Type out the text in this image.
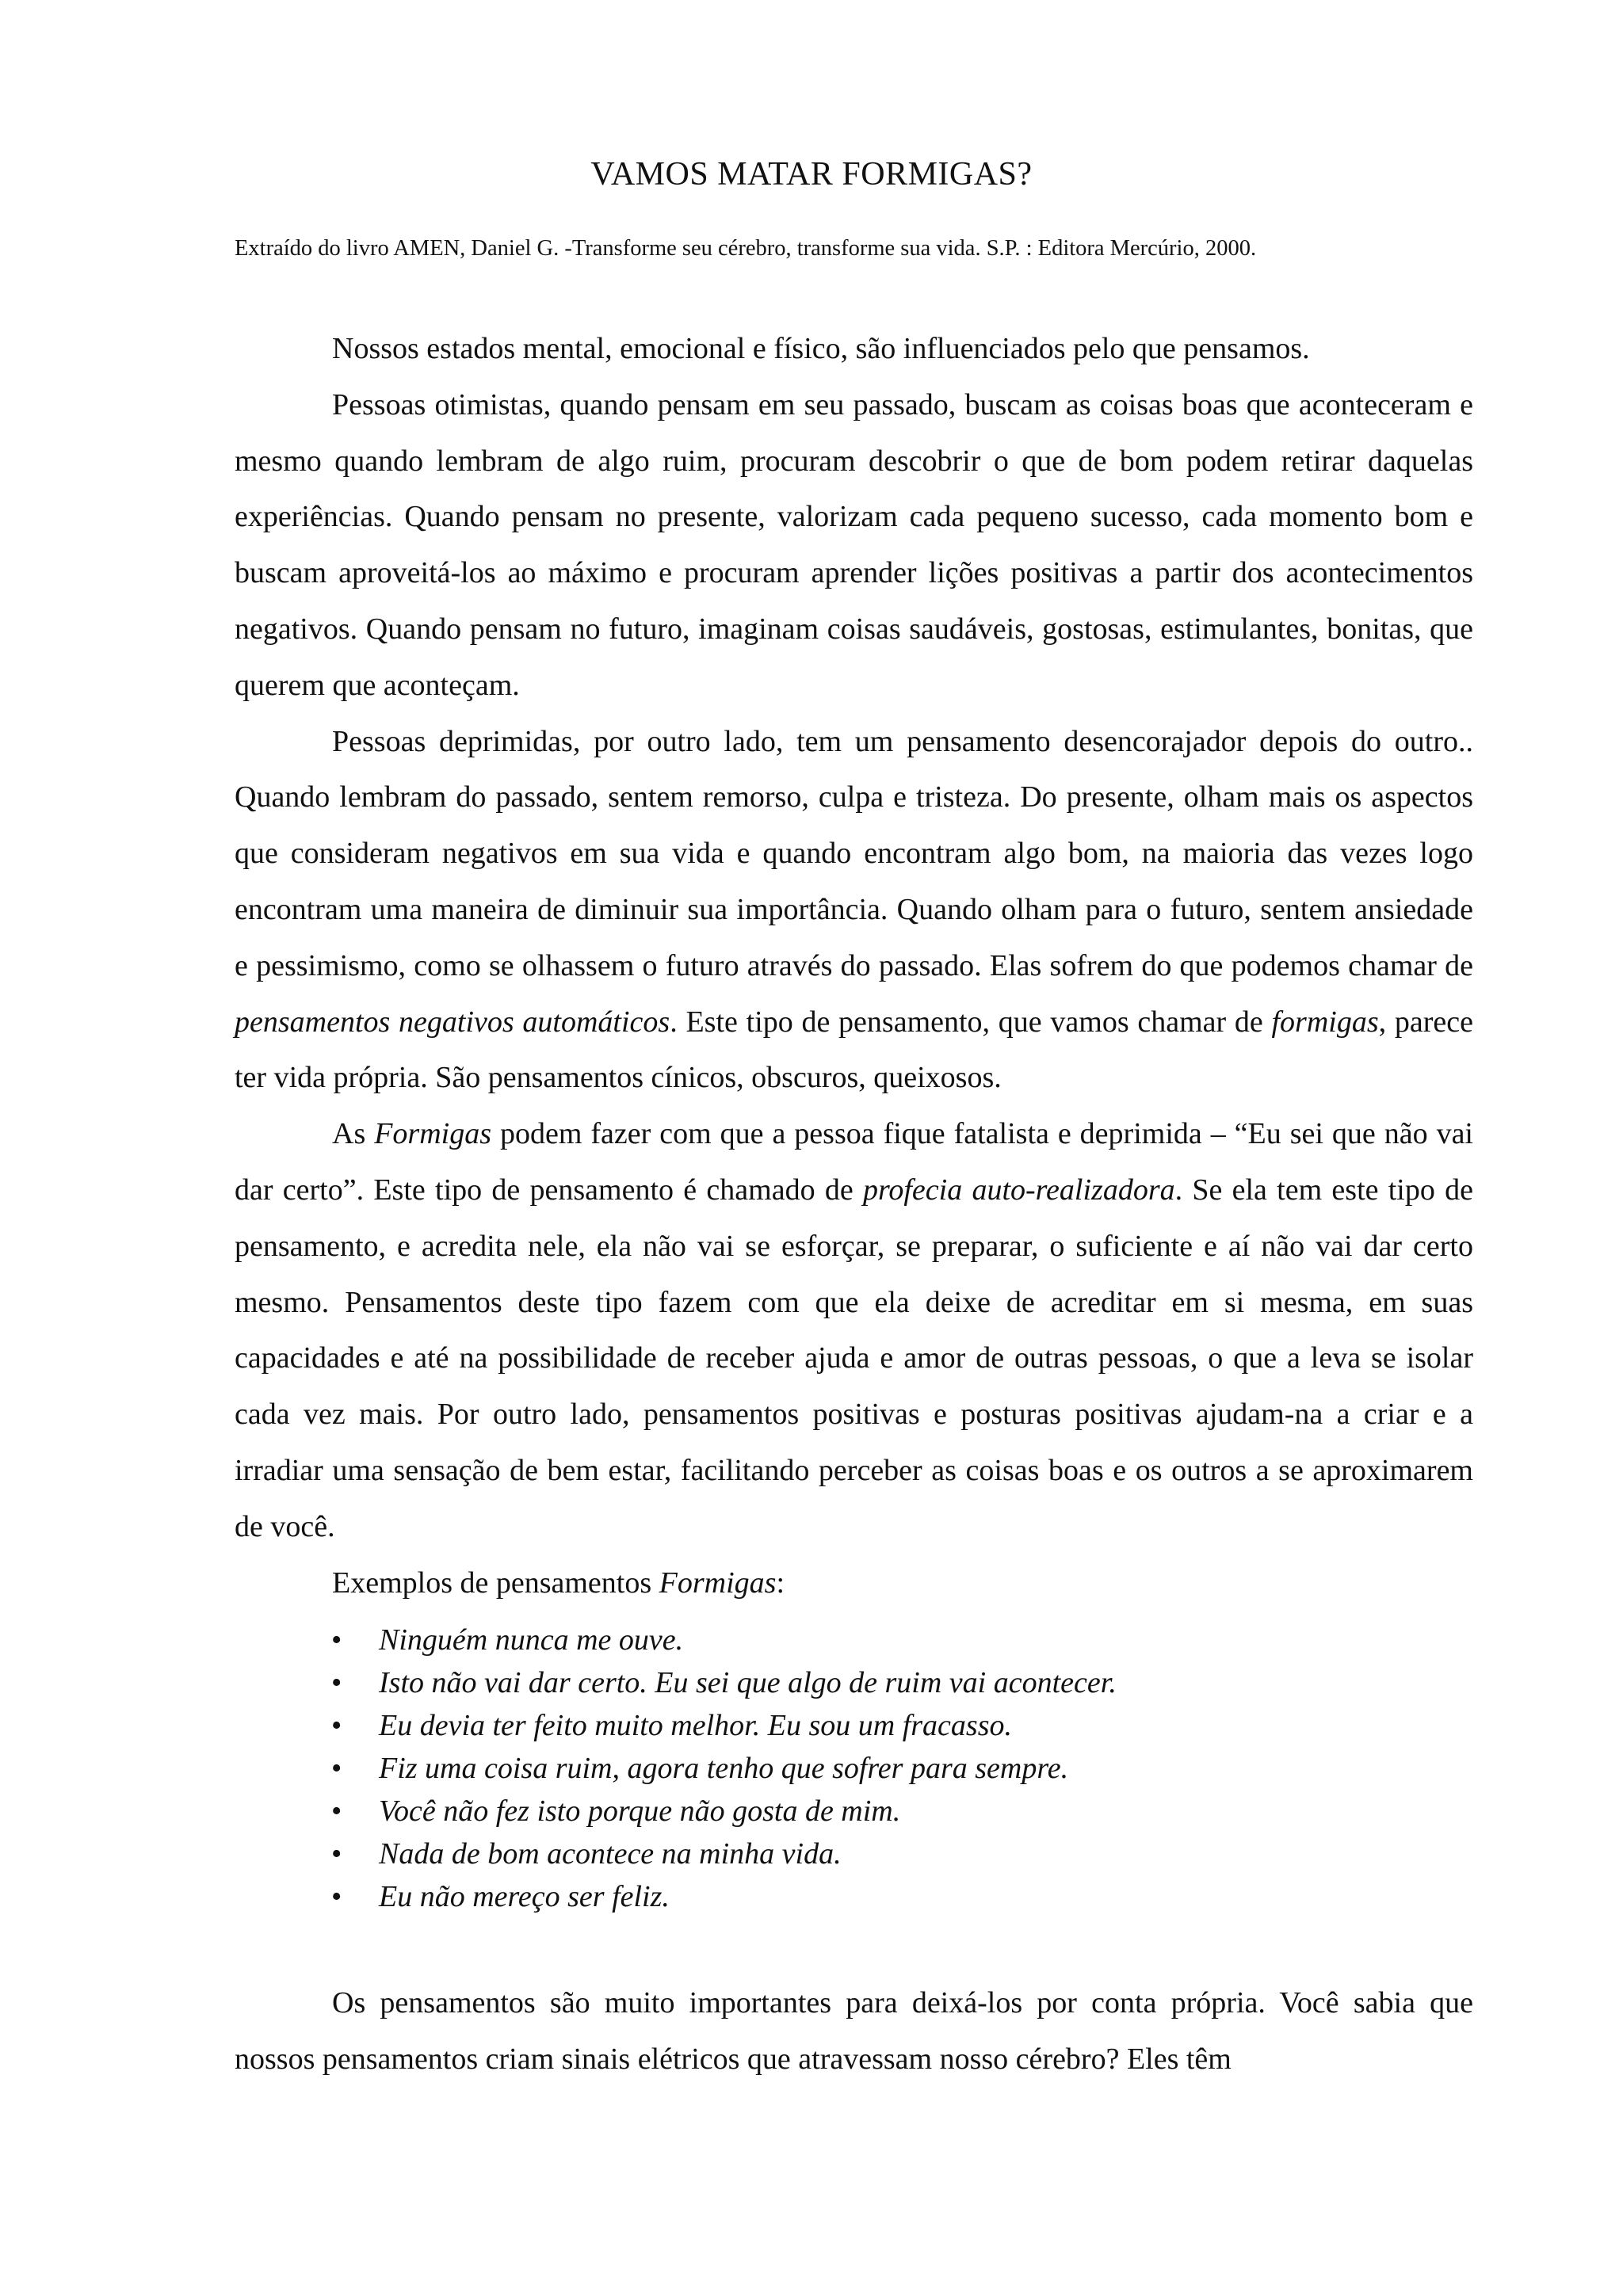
VAMOS MATAR FORMIGAS?
Extraído do livro AMEN, Daniel G. -Transforme seu cérebro, transforme sua vida. S.P. : Editora Mercúrio, 2000.

Nossos estados mental, emocional e físico, são influenciados pelo que pensamos.

Pessoas otimistas, quando pensam em seu passado, buscam as coisas boas que aconteceram e mesmo quando lembram de algo ruim, procuram descobrir o que de bom podem retirar daquelas experiências. Quando pensam no presente, valorizam cada pequeno sucesso, cada momento bom e buscam aproveitá-los ao máximo e procuram aprender lições positivas a partir dos acontecimentos negativos. Quando pensam no futuro, imaginam coisas saudáveis, gostosas, estimulantes, bonitas, que querem que aconteçam.

Pessoas deprimidas, por outro lado, tem um pensamento desencorajador depois do outro.. Quando lembram do passado, sentem remorso, culpa e tristeza. Do presente, olham mais os aspectos que consideram negativos em sua vida e quando encontram algo bom, na maioria das vezes logo encontram uma maneira de diminuir sua importância. Quando olham para o futuro, sentem ansiedade e pessimismo, como se olhassem o futuro através do passado. Elas sofrem do que podemos chamar de pensamentos negativos automáticos. Este tipo de pensamento, que vamos chamar de formigas, parece ter vida própria. São pensamentos cínicos, obscuros, queixosos.

As Formigas podem fazer com que a pessoa fique fatalista e deprimida – “Eu sei que não vai dar certo”. Este tipo de pensamento é chamado de profecia auto-realizadora. Se ela tem este tipo de pensamento, e acredita nele, ela não vai se esforçar, se preparar, o suficiente e aí não vai dar certo mesmo. Pensamentos deste tipo fazem com que ela deixe de acreditar em si mesma, em suas capacidades e até na possibilidade de receber ajuda e amor de outras pessoas, o que a leva se isolar cada vez mais. Por outro lado, pensamentos positivas e posturas positivas ajudam-na a criar e a irradiar uma sensação de bem estar, facilitando perceber as coisas boas e os outros a se aproximarem de você.

Exemplos de pensamentos Formigas:

• Ninguém nunca me ouve.
• Isto não vai dar certo. Eu sei que algo de ruim vai acontecer.
• Eu devia ter feito muito melhor. Eu sou um fracasso.
• Fiz uma coisa ruim, agora tenho que sofrer para sempre.
• Você não fez isto porque não gosta de mim.
• Nada de bom acontece na minha vida.
• Eu não mereço ser feliz.

Os pensamentos são muito importantes para deixá-los por conta própria. Você sabia que nossos pensamentos criam sinais elétricos que atravessam nosso cérebro? Eles têm
